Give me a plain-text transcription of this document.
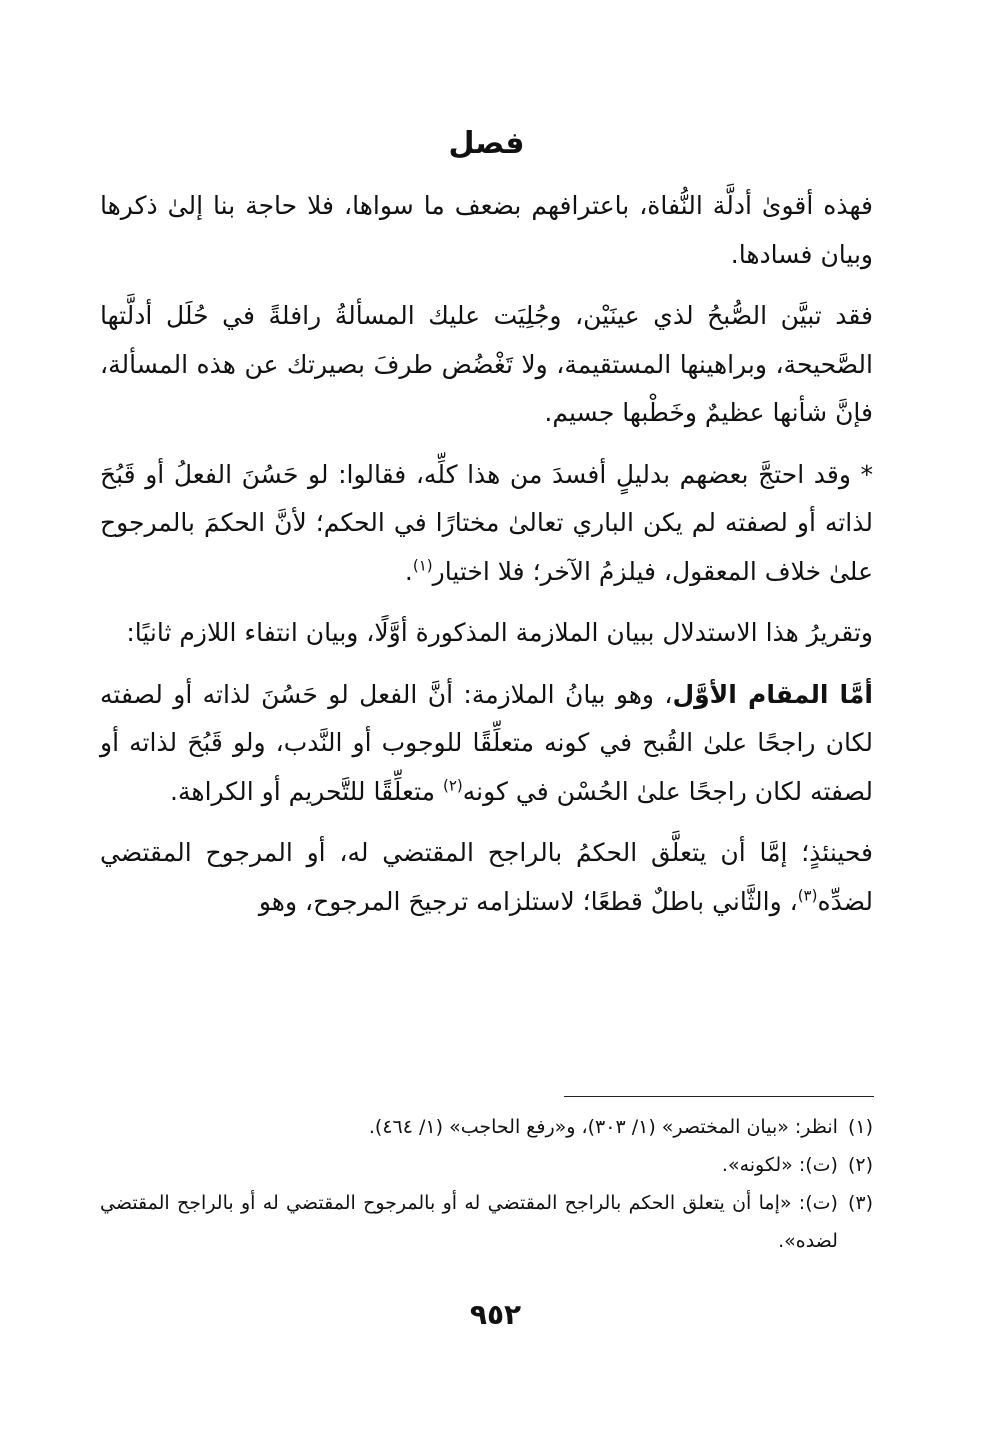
فصل

فهذه أقوىٰ أدلَّة النُّفاة، باعترافهم بضعف ما سواها، فلا حاجة بنا إلىٰ ذكرها وبيان فسادها.

فقد تبيَّن الصُّبحُ لذي عينَيْن، وجُلِيَت عليك المسألةُ رافلةً في حُلَل أدلَّتها الصَّحيحة، وبراهينها المستقيمة، ولا تَغْضُض طرفَ بصيرتك عن هذه المسألة، فإنَّ شأنها عظيمٌ وخَطْبها جسيم.

* وقد احتجَّ بعضهم بدليلٍ أفسدَ من هذا كلِّه، فقالوا: لو حَسُنَ الفعلُ أو قَبُحَ لذاته أو لصفته لم يكن الباري تعالىٰ مختارًا في الحكم؛ لأنَّ الحكمَ بالمرجوح علىٰ خلاف المعقول، فيلزمُ الآخر؛ فلا اختيار$^{(١)}$.

وتقريرُ هذا الاستدلال ببيان الملازمة المذكورة أوَّلًا، وبيان انتفاء اللازم ثانيًا:

أمَّا المقام الأوَّل، وهو بيانُ الملازمة: أنَّ الفعل لو حَسُنَ لذاته أو لصفته لكان راجحًا علىٰ القُبح في كونه متعلِّقًا للوجوب أو النَّدب، ولو قَبُحَ لذاته أو لصفته لكان راجحًا علىٰ الحُسْن في كونه$^{(٢)}$ متعلِّقًا للتَّحريم أو الكراهة.

فحينئذٍ؛ إمَّا أن يتعلَّق الحكمُ بالراجح المقتضي له، أو المرجوح المقتضي لضدِّه$^{(٣)}$، والثَّاني باطلٌ قطعًا؛ لاستلزامه ترجيحَ المرجوح، وهو

(١)
انظر: «بيان المختصر» (١/ ٣٠٣)، و«رفع الحاجب» (١/ ٤٦٤).
(٢)
(ت): «لكونه».
(٣)
(ت): «إما أن يتعلق الحكم بالراجح المقتضي له أو بالمرجوح المقتضي له أو بالراجح المقتضي لضده».
٩٥٢
